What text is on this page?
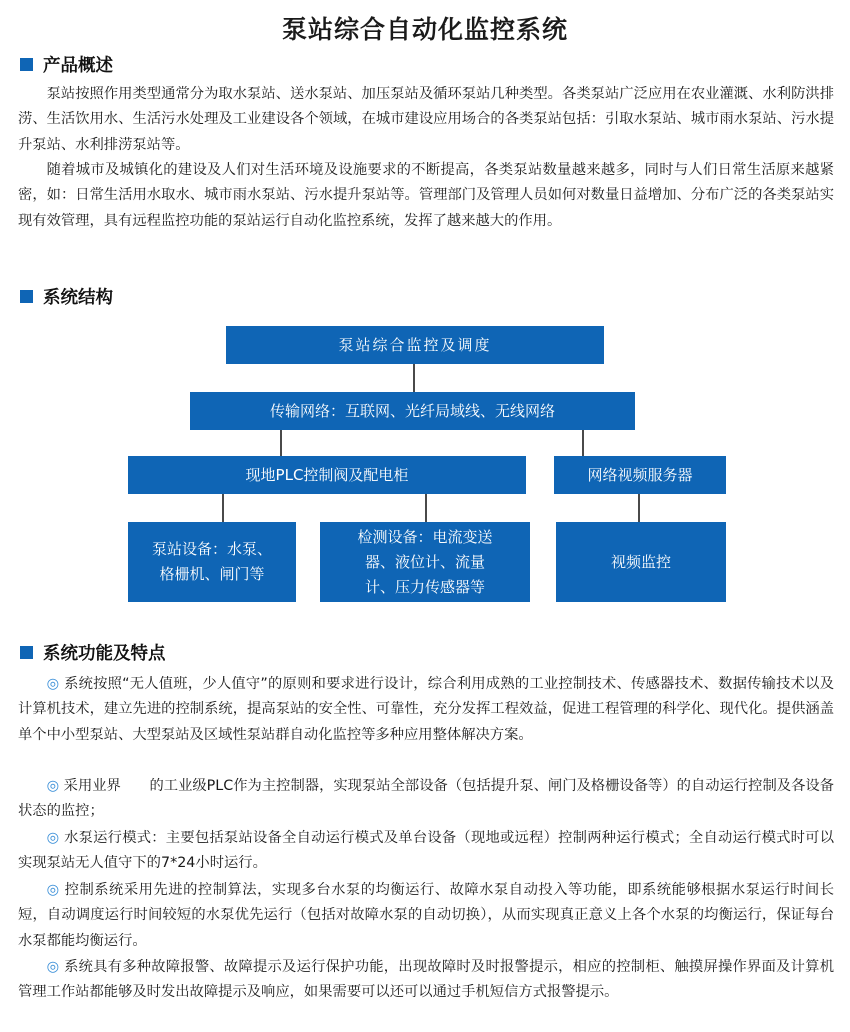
泵站综合自动化监控系统
产品概述

泵站按照作用类型通常分为取水泵站、送水泵站、加压泵站及循环泵站几种类型。各类泵站广泛应用在农业灌溉、水利防洪排涝、生活饮用水、生活污水处理及工业建设各个领域，在城市建设应用场合的各类泵站包括：引取水泵站、城市雨水泵站、污水提升泵站、水利排涝泵站等。

随着城市及城镇化的建设及人们对生活环境及设施要求的不断提高，各类泵站数量越来越多，同时与人们日常生活原来越紧密，如：日常生活用水取水、城市雨水泵站、污水提升泵站等。管理部门及管理人员如何对数量日益增加、分布广泛的各类泵站实现有效管理，具有远程监控功能的泵站运行自动化监控系统，发挥了越来越大的作用。

系统结构
泵站综合监控及调度
传输网络：互联网、光纤局域线、无线网络
现地PLC控制阀及配电柜	网络视频服务器
泵站设备：水泵、格栅机、闸门等
检测设备：电流变送器、液位计、流量计、压力传感器等
视频监控
系统功能及特点

◎ 系统按照“无人值班，少人值守”的原则和要求进行设计，综合利用成熟的工业控制技术、传感器技术、数据传输技术以及计算机技术，建立先进的控制系统，提高泵站的安全性、可靠性，充分发挥工程效益，促进工程管理的科学化、现代化。提供涵盖单个中小型泵站、大型泵站及区域性泵站群自动化监控等多种应用整体解决方案。

◎ 采用业界　　的工业级PLC作为主控制器，实现泵站全部设备（包括提升泵、闸门及格栅设备等）的自动运行控制及各设备状态的监控；

◎ 水泵运行模式：主要包括泵站设备全自动运行模式及单台设备（现地或远程）控制两种运行模式；全自动运行模式时可以实现泵站无人值守下的7*24小时运行。

◎ 控制系统采用先进的控制算法，实现多台水泵的均衡运行、故障水泵自动投入等功能，即系统能够根据水泵运行时间长短，自动调度运行时间较短的水泵优先运行（包括对故障水泵的自动切换），从而实现真正意义上各个水泵的均衡运行，保证每台水泵都能均衡运行。

◎ 系统具有多种故障报警、故障提示及运行保护功能，出现故障时及时报警提示，相应的控制柜、触摸屏操作界面及计算机管理工作站都能够及时发出故障提示及响应，如果需要可以还可以通过手机短信方式报警提示。
